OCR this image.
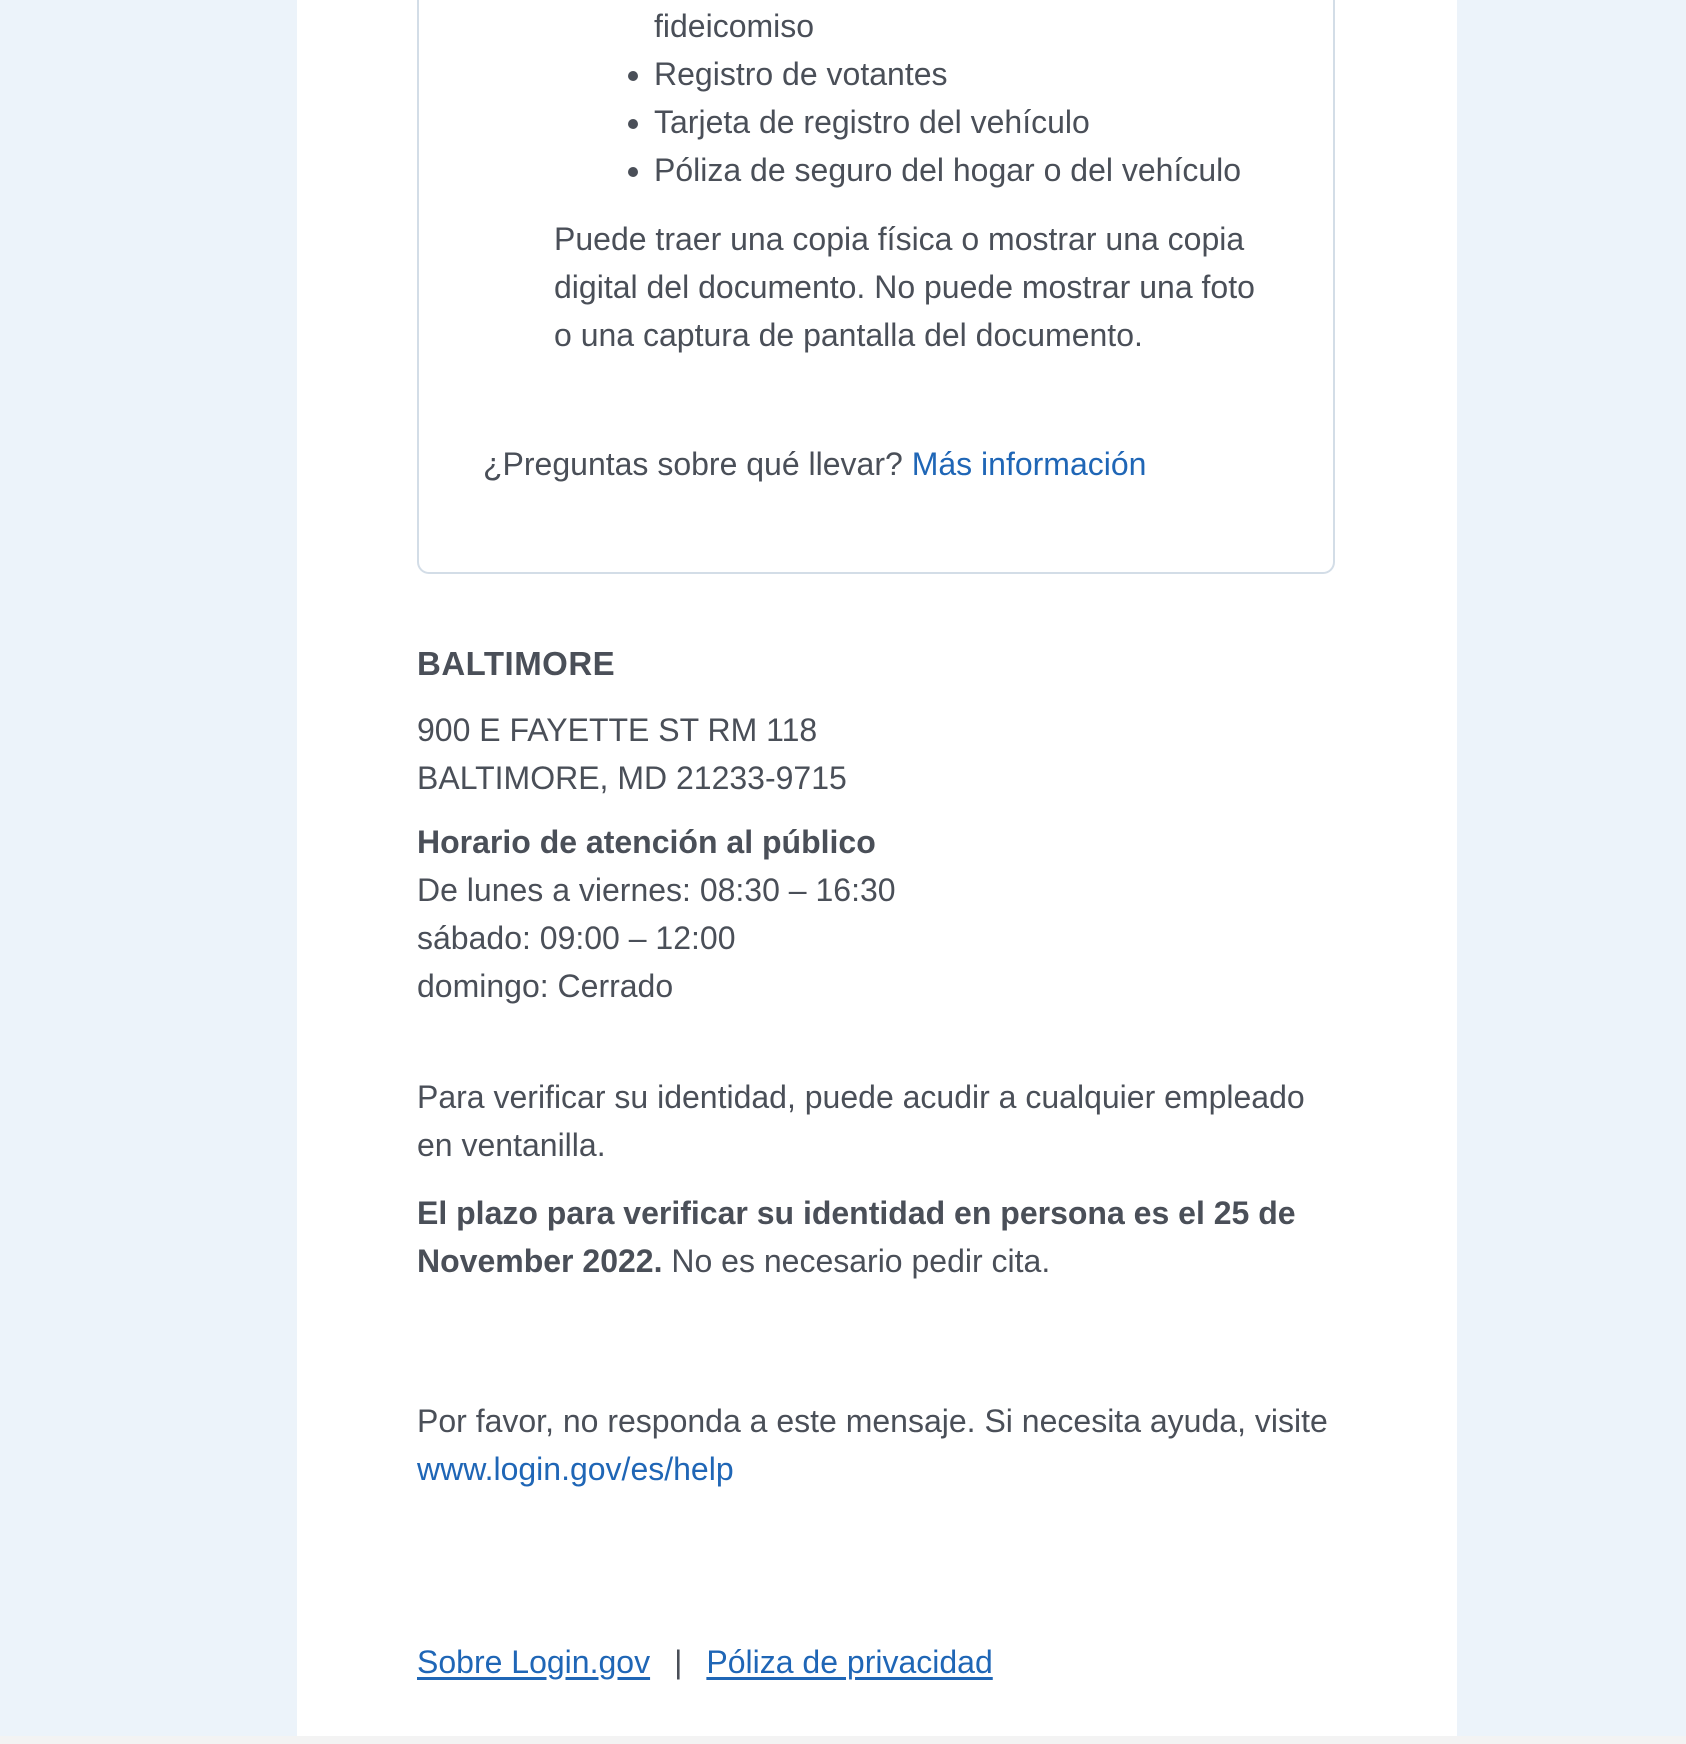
• fideicomiso
• Registro de votantes
• Tarjeta de registro del vehículo
• Póliza de seguro del hogar o del vehículo

Puede traer una copia física o mostrar una copia digital del documento. No puede mostrar una foto o una captura de pantalla del documento.

¿Preguntas sobre qué llevar? Más información

BALTIMORE

900 E FAYETTE ST RM 118
BALTIMORE, MD 21233-9715

Horario de atención al público
De lunes a viernes: 08:30 – 16:30
sábado: 09:00 – 12:00
domingo: Cerrado

Para verificar su identidad, puede acudir a cualquier empleado en ventanilla.

El plazo para verificar su identidad en persona es el 25 de November 2022. No es necesario pedir cita.

Por favor, no responda a este mensaje. Si necesita ayuda, visite
www.login.gov/es/help

Sobre Login.gov | Póliza de privacidad
